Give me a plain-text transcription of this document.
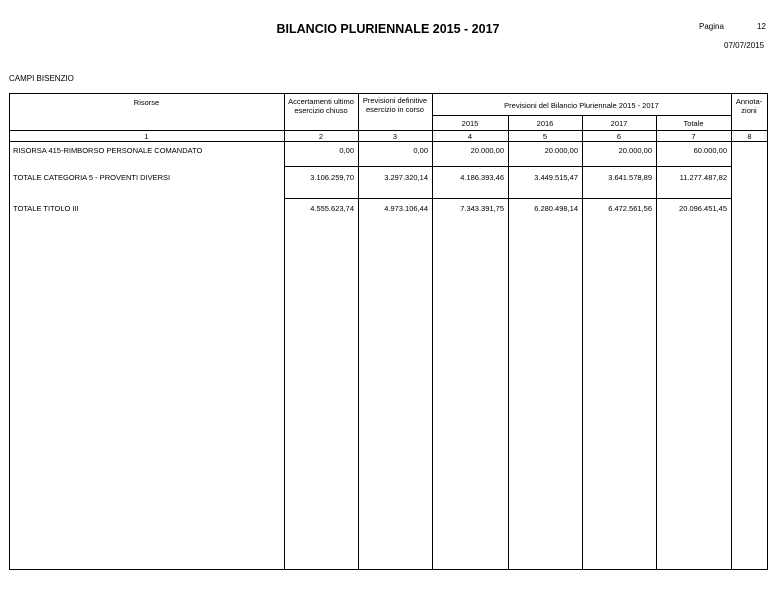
BILANCIO PLURIENNALE 2015 - 2017	Pagina	12
07/07/2015
CAMPI BISENZIO
Risorse	Accertamenti ultimo esercizio chiuso
Previsioni definitive esercizio in corso	Previsioni del Bilancio Pluriennale 2015 - 2017
2015	2016	2017	Totale
Annota-zioni
1	2	3	4	5	6	7	8
RISORSA 415-RIMBORSO PERSONALE COMANDATO	0,00	0,00	20.000,00	20.000,00	20.000,00	60.000,00
TOTALE CATEGORIA 5 - PROVENTI DIVERSI	3.106.259,70	3.297.320,14	4.186.393,46	3.449.515,47	3.641.578,89	11.277.487,82
TOTALE TITOLO III	4.555.623,74	4.973.106,44	7.343.391,75	6.280.498,14	6.472.561,56	20.096.451,45
